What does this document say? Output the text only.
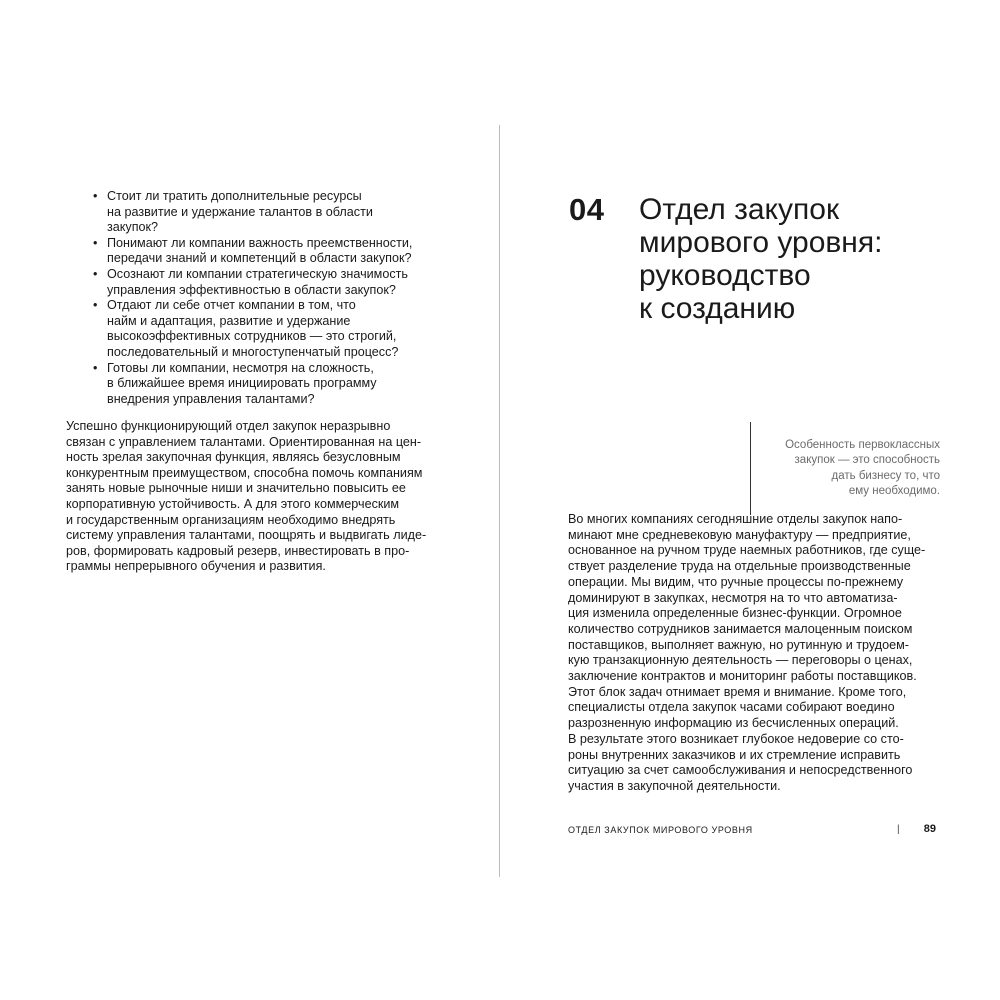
• Стоит ли тратить дополнительные ресурсы
на развитие и удержание талантов в области
закупок?
• Понимают ли компании важность преемственности,
передачи знаний и компетенций в области закупок?
• Осознают ли компании стратегическую значимость
управления эффективностью в области закупок?
• Отдают ли себе отчет компании в том, что
найм и адаптация, развитие и удержание
высокоэффективных сотрудников — это строгий,
последовательный и многоступенчатый процесс?
• Готовы ли компании, несмотря на сложность,
в ближайшее время инициировать программу
внедрения управления талантами?

Успешно функционирующий отдел закупок неразрывно
связан с управлением талантами. Ориентированная на цен-
ность зрелая закупочная функция, являясь безусловным
конкурентным преимуществом, способна помочь компаниям
занять новые рыночные ниши и значительно повысить ее
корпоративную устойчивость. А для этого коммерческим
и государственным организациям необходимо внедрять
систему управления талантами, поощрять и выдвигать лиде-
ров, формировать кадровый резерв, инвестировать в про-
граммы непрерывного обучения и развития.

04 Отдел закупок
мирового уровня:
руководство
к созданию

Особенность первоклассных
закупок — это способность
дать бизнесу то, что
ему необходимо.

Во многих компаниях сегодняшние отделы закупок напо-
минают мне средневековую мануфактуру — предприятие,
основанное на ручном труде наемных работников, где суще-
ствует разделение труда на отдельные производственные
операции. Мы видим, что ручные процессы по-прежнему
доминируют в закупках, несмотря на то что автоматиза-
ция изменила определенные бизнес-функции. Огромное
количество сотрудников занимается малоценным поиском
поставщиков, выполняет важную, но рутинную и трудоем-
кую транзакционную деятельность — переговоры о ценах,
заключение контрактов и мониторинг работы поставщиков.
Этот блок задач отнимает время и внимание. Кроме того,
специалисты отдела закупок часами собирают воедино
разрозненную информацию из бесчисленных операций.
В результате этого возникает глубокое недоверие со сто-
роны внутренних заказчиков и их стремление исправить
ситуацию за счет самообслуживания и непосредственного
участия в закупочной деятельности.

ОТДЕЛ ЗАКУПОК МИРОВОГО УРОВНЯ	| 89
